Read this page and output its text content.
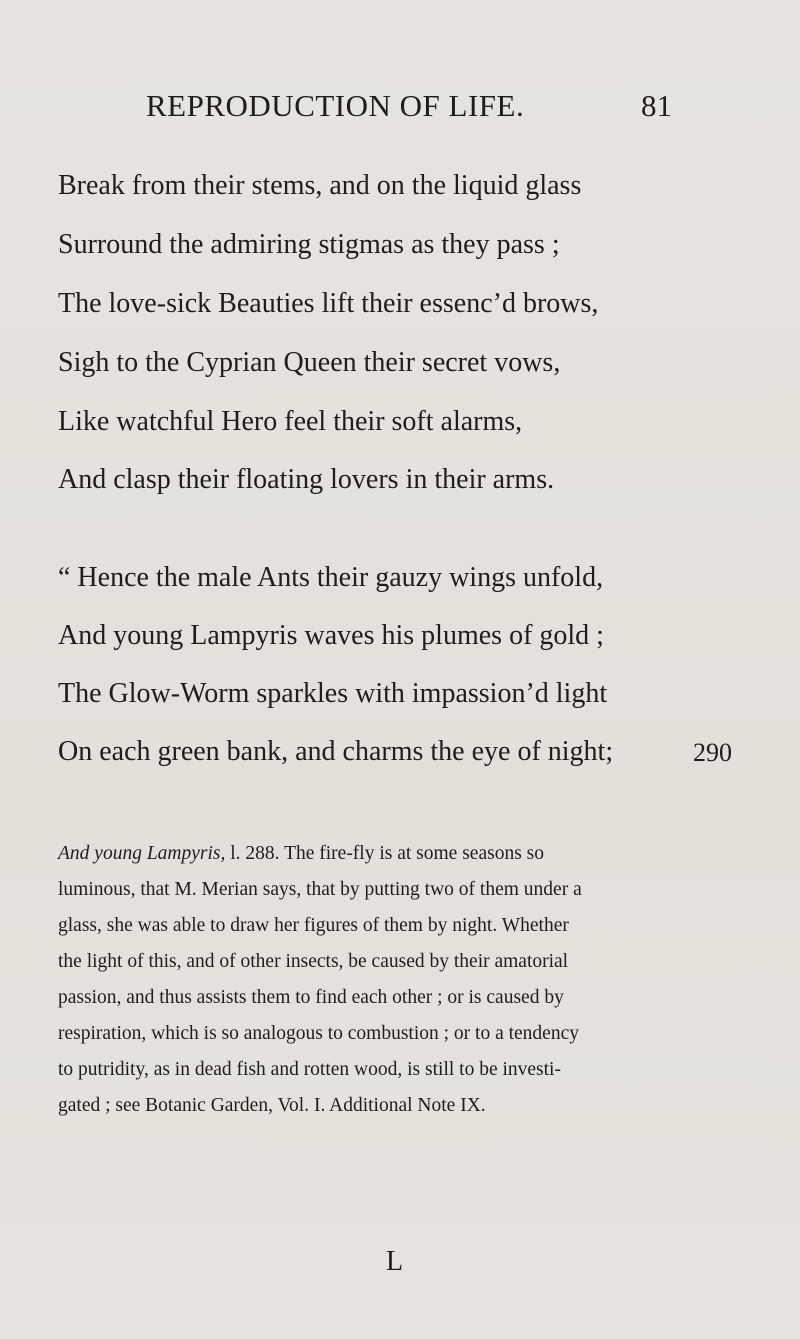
REPRODUCTION OF LIFE.	81
Break from their stems, and on the liquid glass
Surround the admiring stigmas as they pass ;
The love-sick Beauties lift their essenc’d brows,
Sigh to the Cyprian Queen their secret vows,
Like watchful Hero feel their soft alarms,
And clasp their floating lovers in their arms.
“ Hence the male Ants their gauzy wings unfold,
And young Lampyris waves his plumes of gold ;
The Glow-Worm sparkles with impassion’d light
On each green bank, and charms the eye of night;	290
And young Lampyris, l. 288. The fire-fly is at some seasons so
luminous, that M. Merian says, that by putting two of them under a
glass, she was able to draw her figures of them by night. Whether
the light of this, and of other insects, be caused by their amatorial
passion, and thus assists them to find each other ; or is caused by
respiration, which is so analogous to combustion ; or to a tendency
to putridity, as in dead fish and rotten wood, is still to be investi-
gated ; see Botanic Garden, Vol. I. Additional Note IX.
L
